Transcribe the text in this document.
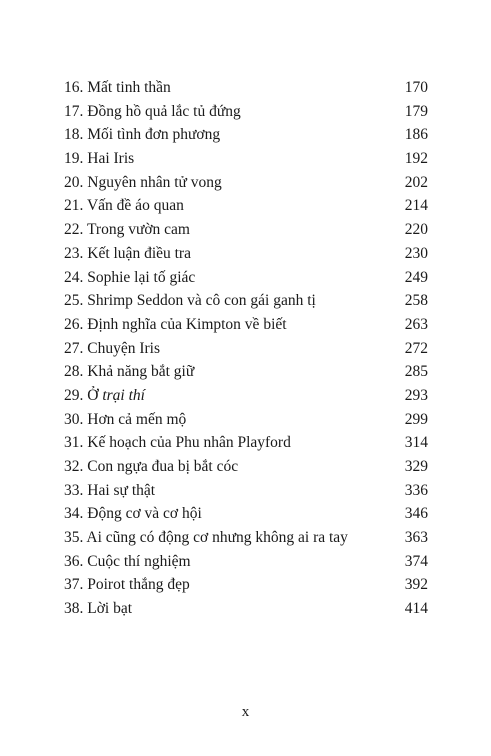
16. Mất tinh thần	170
17. Đồng hồ quả lắc tủ đứng	179
18. Mối tình đơn phương	186
19. Hai Iris	192
20. Nguyên nhân tử vong	202
21. Vấn đề áo quan	214
22. Trong vườn cam	220
23. Kết luận điều tra	230
24. Sophie lại tố giác	249
25. Shrimp Seddon và cô con gái ganh tị	258
26. Định nghĩa của Kimpton về biết	263
27. Chuyện Iris	272
28. Khả năng bắt giữ	285
29. Ở trại thí	293
30. Hơn cả mến mộ	299
31. Kế hoạch của Phu nhân Playford	314
32. Con ngựa đua bị bắt cóc	329
33. Hai sự thật	336
34. Động cơ và cơ hội	346
35. Ai cũng có động cơ nhưng không ai ra tay	363
36. Cuộc thí nghiệm	374
37. Poirot thắng đẹp	392
38. Lời bạt	414
x
